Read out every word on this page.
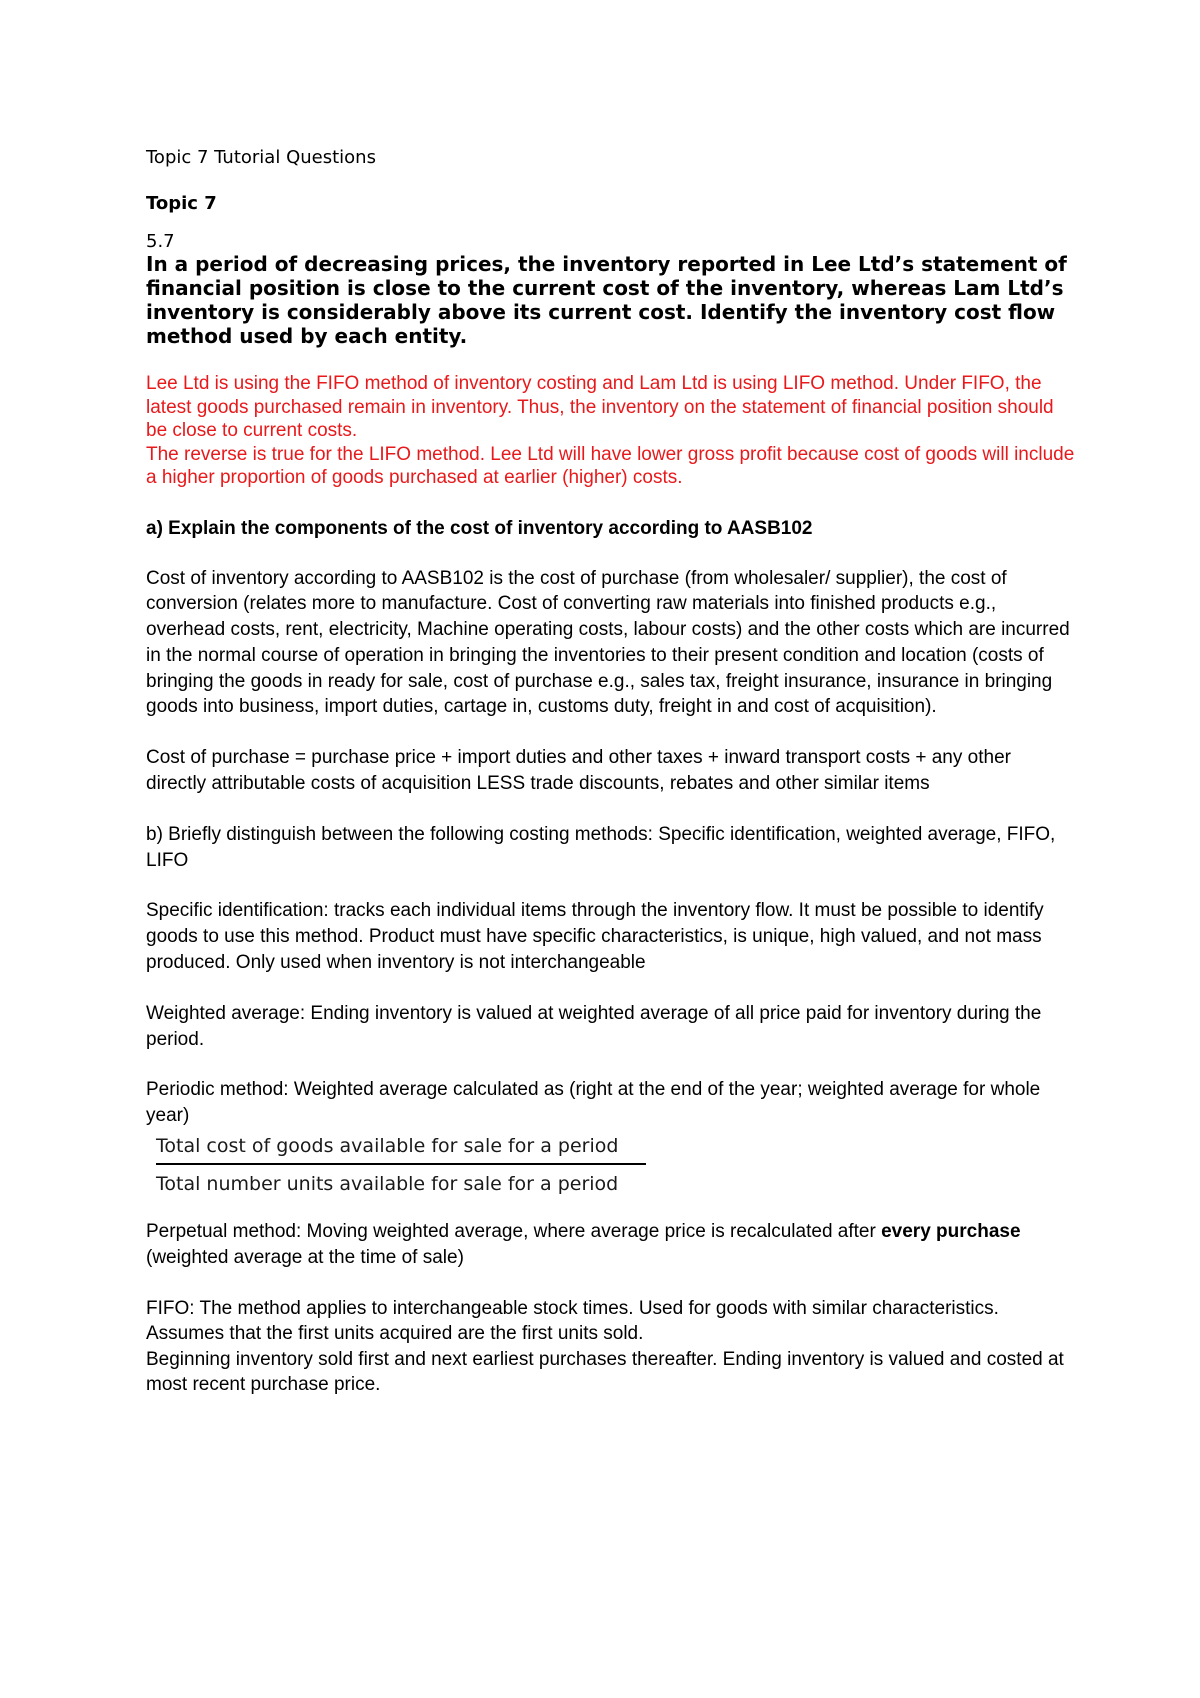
Topic 7 Tutorial Questions
Topic 7
5.7
In a period of decreasing prices, the inventory reported in Lee Ltd’s statement of financial position is close to the current cost of the inventory, whereas Lam Ltd’s inventory is considerably above its current cost. Identify the inventory cost flow method used by each entity.

Lee Ltd is using the FIFO method of inventory costing and Lam Ltd is using LIFO method. Under FIFO, the latest goods purchased remain in inventory. Thus, the inventory on the statement of financial position should be close to current costs.

The reverse is true for the LIFO method. Lee Ltd will have lower gross profit because cost of goods will include a higher proportion of goods purchased at earlier (higher) costs.

a) Explain the components of the cost of inventory according to AASB102

Cost of inventory according to AASB102 is the cost of purchase (from wholesaler/ supplier), the cost of conversion (relates more to manufacture. Cost of converting raw materials into finished products e.g., overhead costs, rent, electricity, Machine operating costs, labour costs) and the other costs which are incurred in the normal course of operation in bringing the inventories to their present condition and location (costs of bringing the goods in ready for sale, cost of purchase e.g., sales tax, freight insurance, insurance in bringing goods into business, import duties, cartage in, customs duty, freight in and cost of acquisition).

Cost of purchase = purchase price + import duties and other taxes + inward transport costs + any other directly attributable costs of acquisition LESS trade discounts, rebates and other similar items

b) Briefly distinguish between the following costing methods: Specific identification, weighted average, FIFO, LIFO

Specific identification: tracks each individual items through the inventory flow. It must be possible to identify goods to use this method. Product must have specific characteristics, is unique, high valued, and not mass produced. Only used when inventory is not interchangeable

Weighted average: Ending inventory is valued at weighted average of all price paid for inventory during the period.

Periodic method: Weighted average calculated as (right at the end of the year; weighted average for whole year)

Total cost of goods available for sale for a period
Total number units available for sale for a period

Perpetual method: Moving weighted average, where average price is recalculated after every purchase (weighted average at the time of sale)

FIFO: The method applies to interchangeable stock times. Used for goods with similar characteristics. Assumes that the first units acquired are the first units sold.

Beginning inventory sold first and next earliest purchases thereafter. Ending inventory is valued and costed at most recent purchase price.
